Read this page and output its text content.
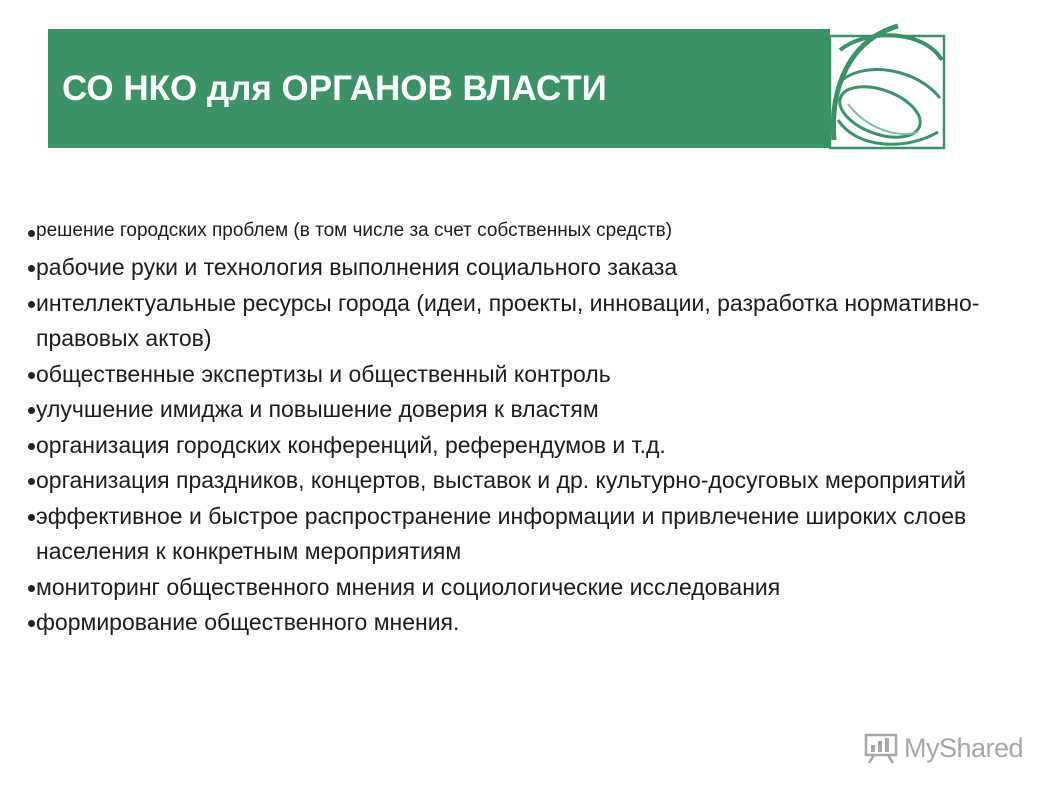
СО НКО для ОРГАНОВ ВЛАСТИ
решение городских проблем (в том числе за счет собственных средств)
рабочие руки и технология выполнения социального заказа
интеллектуальные ресурсы города (идеи, проекты, инновации, разработка нормативно-правовых актов)
общественные экспертизы и общественный контроль
улучшение имиджа и повышение доверия к властям
организация городских конференций, референдумов и т.д.
организация праздников, концертов, выставок и др. культурно-досуговых мероприятий
эффективное и быстрое распространение информации и привлечение широких слоев населения к конкретным мероприятиям
мониторинг общественного мнения и социологические исследования
формирование общественного мнения.
MyShared
